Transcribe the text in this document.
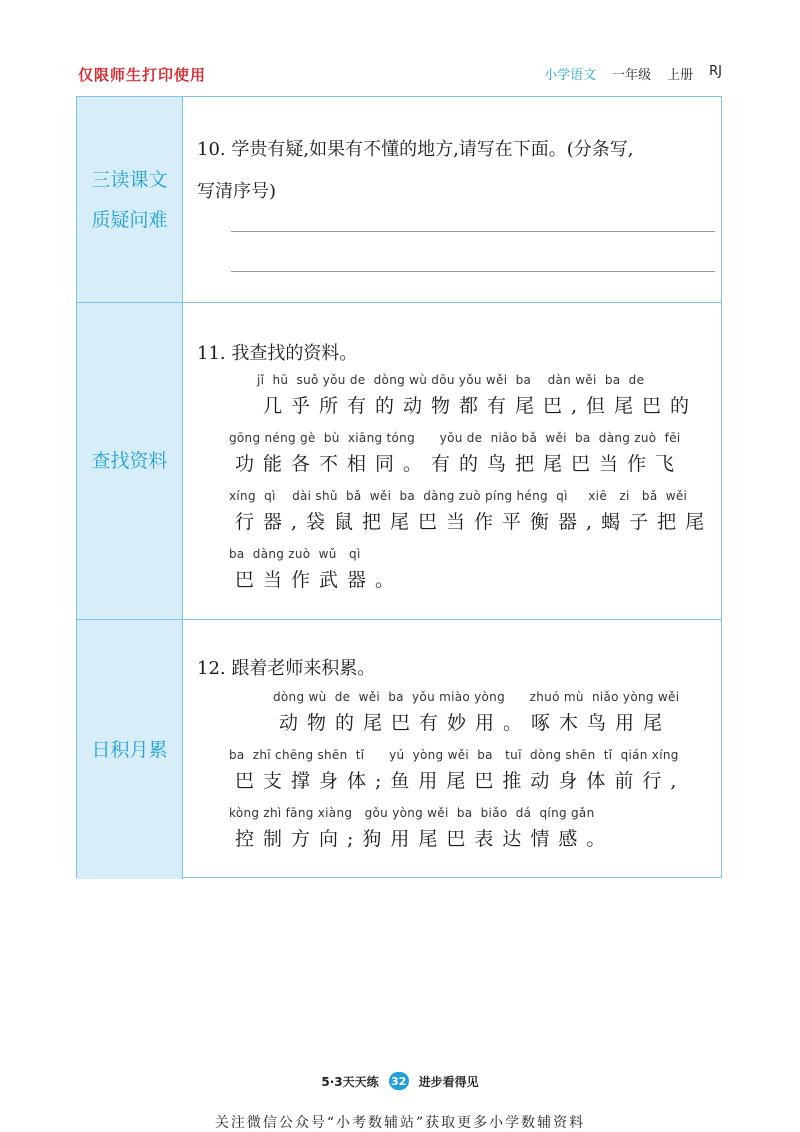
仅限师生打印使用	小学语文 一年级 上册 RJ
三读课文
质疑问难
10. 学贵有疑,如果有不懂的地方,请写在下面。(分条写,
写清序号)
查找资料
11. 我查找的资料。
jǐ  hū  suǒ yǒu de  dòng wù dōu yǒu wěi  ba    dàn wěi  ba  de
几乎所有的动物都有尾巴,但尾巴的
gōng néng gè  bù  xiāng tóng      yǒu de  niǎo bǎ  wěi  ba  dàng zuò  fēi
功能各不相同。有的鸟把尾巴当作飞
xíng  qì    dài shǔ  bǎ  wěi  ba  dàng zuò píng héng  qì     xiē   zi   bǎ  wěi
行器,袋鼠把尾巴当作平衡器,蝎子把尾
ba  dàng zuò  wǔ   qì
巴当作武器。
日积月累
12. 跟着老师来积累。
dòng wù  de  wěi  ba  yǒu miào yòng      zhuó mù  niǎo yòng wěi
动物的尾巴有妙用。啄木鸟用尾
ba  zhī chēng shēn  tǐ      yú  yòng wěi  ba   tuī  dòng shēn  tǐ  qián xíng
巴支撑身体;鱼用尾巴推动身体前行,
kòng zhì fāng xiàng   gǒu yòng wěi  ba  biǎo  dá  qíng gǎn
控制方向;狗用尾巴表达情感。
5·3天天练 32 进步看得见
关注微信公众号“小考数辅站”获取更多小学数辅资料
